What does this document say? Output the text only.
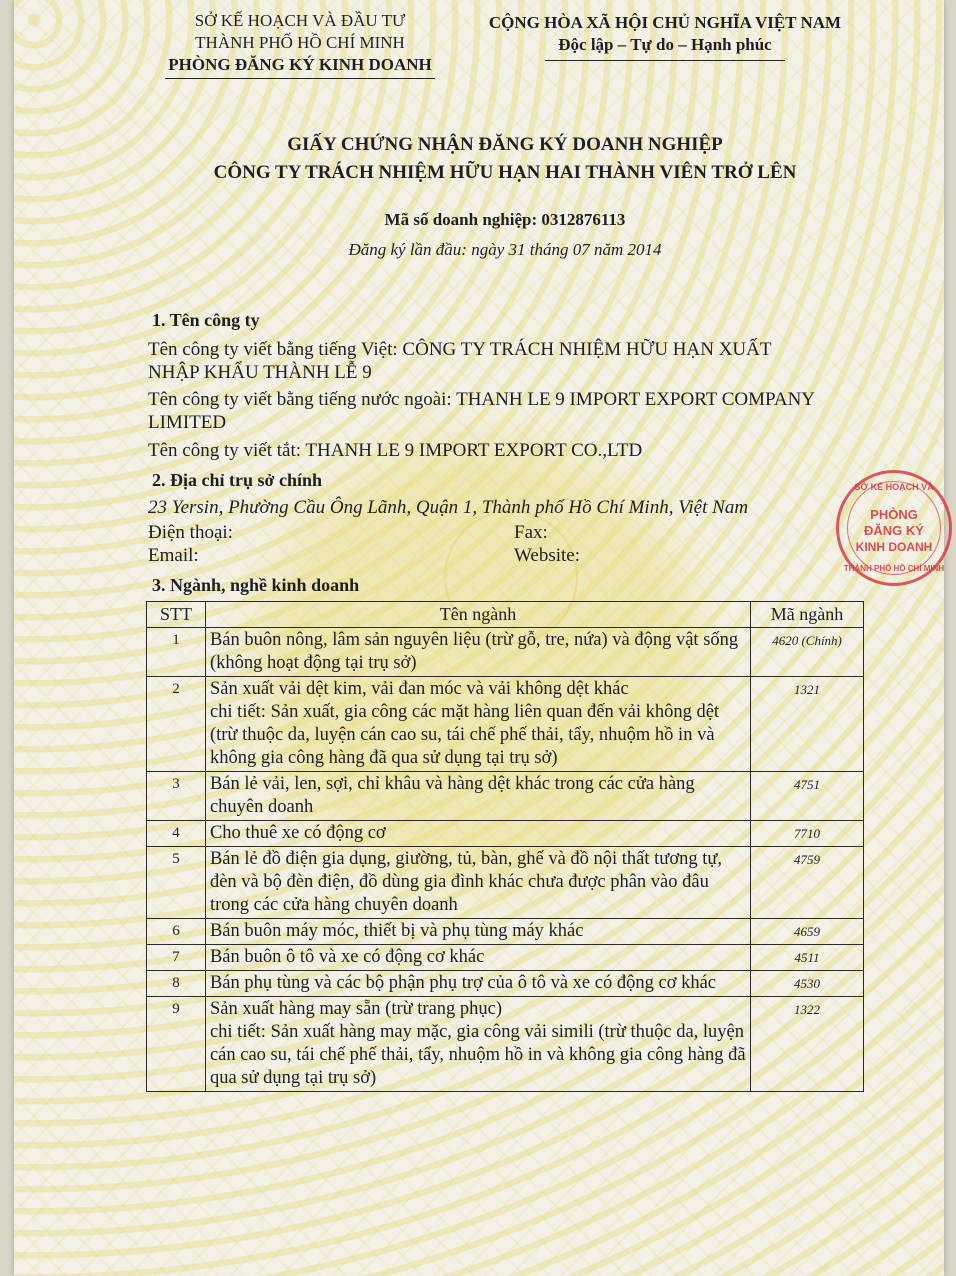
SỞ KẾ HOẠCH VÀ ĐẦU TƯ
THÀNH PHỐ HỒ CHÍ MINH
PHÒNG ĐĂNG KÝ KINH DOANH
CỘNG HÒA XÃ HỘI CHỦ NGHĨA VIỆT NAM
Độc lập – Tự do – Hạnh phúc
GIẤY CHỨNG NHẬN ĐĂNG KÝ DOANH NGHIỆP
CÔNG TY TRÁCH NHIỆM HỮU HẠN HAI THÀNH VIÊN TRỞ LÊN
Mã số doanh nghiệp: 0312876113
Đăng ký lần đầu: ngày 31 tháng 07 năm 2014
1. Tên công ty
Tên công ty viết bằng tiếng Việt: CÔNG TY TRÁCH NHIỆM HỮU HẠN XUẤT
NHẬP KHẨU THÀNH LỄ 9
Tên công ty viết bằng tiếng nước ngoài: THANH LE 9 IMPORT EXPORT COMPANY
LIMITED
Tên công ty viết tắt: THANH LE 9 IMPORT EXPORT CO.,LTD
2. Địa chỉ trụ sở chính
23 Yersin, Phường Cầu Ông Lãnh, Quận 1, Thành phố Hồ Chí Minh, Việt Nam
Điện thoại:	Fax:
Email:	Website:
3. Ngành, nghề kinh doanh
STT	Tên ngành	Mã ngành
1	Bán buôn nông, lâm sản nguyên liệu (trừ gỗ, tre, nứa) và động vật sống
(không hoạt động tại trụ sở)	4620 (Chính)
2	Sản xuất vải dệt kim, vải đan móc và vải không dệt khác
chi tiết: Sản xuất, gia công các mặt hàng liên quan đến vải không dệt (trừ thuộc da, luyện cán cao su, tái chế phế thải, tẩy, nhuộm hồ in và không gia công hàng đã qua sử dụng tại trụ sở)	1321
3	Bán lẻ vải, len, sợi, chỉ khâu và hàng dệt khác trong các cửa hàng chuyên doanh	4751
4	Cho thuê xe có động cơ	7710
5	Bán lẻ đồ điện gia dụng, giường, tủ, bàn, ghế và đồ nội thất tương tự, đèn và bộ đèn điện, đồ dùng gia đình khác chưa được phân vào đâu trong các cửa hàng chuyên doanh	4759
6	Bán buôn máy móc, thiết bị và phụ tùng máy khác	4659
7	Bán buôn ô tô và xe có động cơ khác	4511
8	Bán phụ tùng và các bộ phận phụ trợ của ô tô và xe có động cơ khác	4530
9	Sản xuất hàng may sẵn (trừ trang phục)
chi tiết: Sản xuất hàng may mặc, gia công vải simili (trừ thuộc da, luyện cán cao su, tái chế phế thải, tẩy, nhuộm hồ in và không gia công hàng đã qua sử dụng tại trụ sở)	1322
PHÒNG
ĐĂNG KÝ
KINH DOANH
SỞ KẾ HOẠCH VÀ
THÀNH PHỐ HỒ CHÍ MINH
